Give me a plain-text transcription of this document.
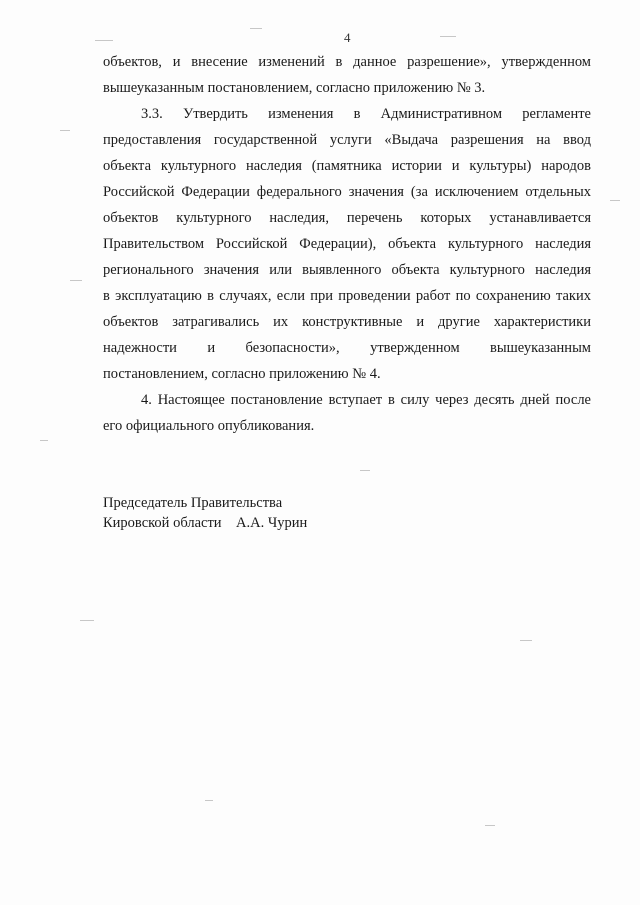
4
объектов, и внесение изменений в данное разрешение», утвержденном
вышеуказанным постановлением, согласно приложению № 3.
3.3. Утвердить изменения в Административном регламенте
предоставления государственной услуги «Выдача разрешения на ввод
объекта культурного наследия (памятника истории и культуры) народов
Российской Федерации федерального значения (за исключением отдельных
объектов культурного наследия, перечень которых устанавливается
Правительством Российской Федерации), объекта культурного наследия
регионального значения или выявленного объекта культурного наследия
в эксплуатацию в случаях, если при проведении работ по сохранению таких
объектов затрагивались их конструктивные и другие характеристики
надежности и безопасности», утвержденном вышеуказанным
постановлением, согласно приложению № 4.
4. Настоящее постановление вступает в силу через десять дней после
его официального опубликования.
Председатель Правительства
Кировской области    А.А. Чурин
